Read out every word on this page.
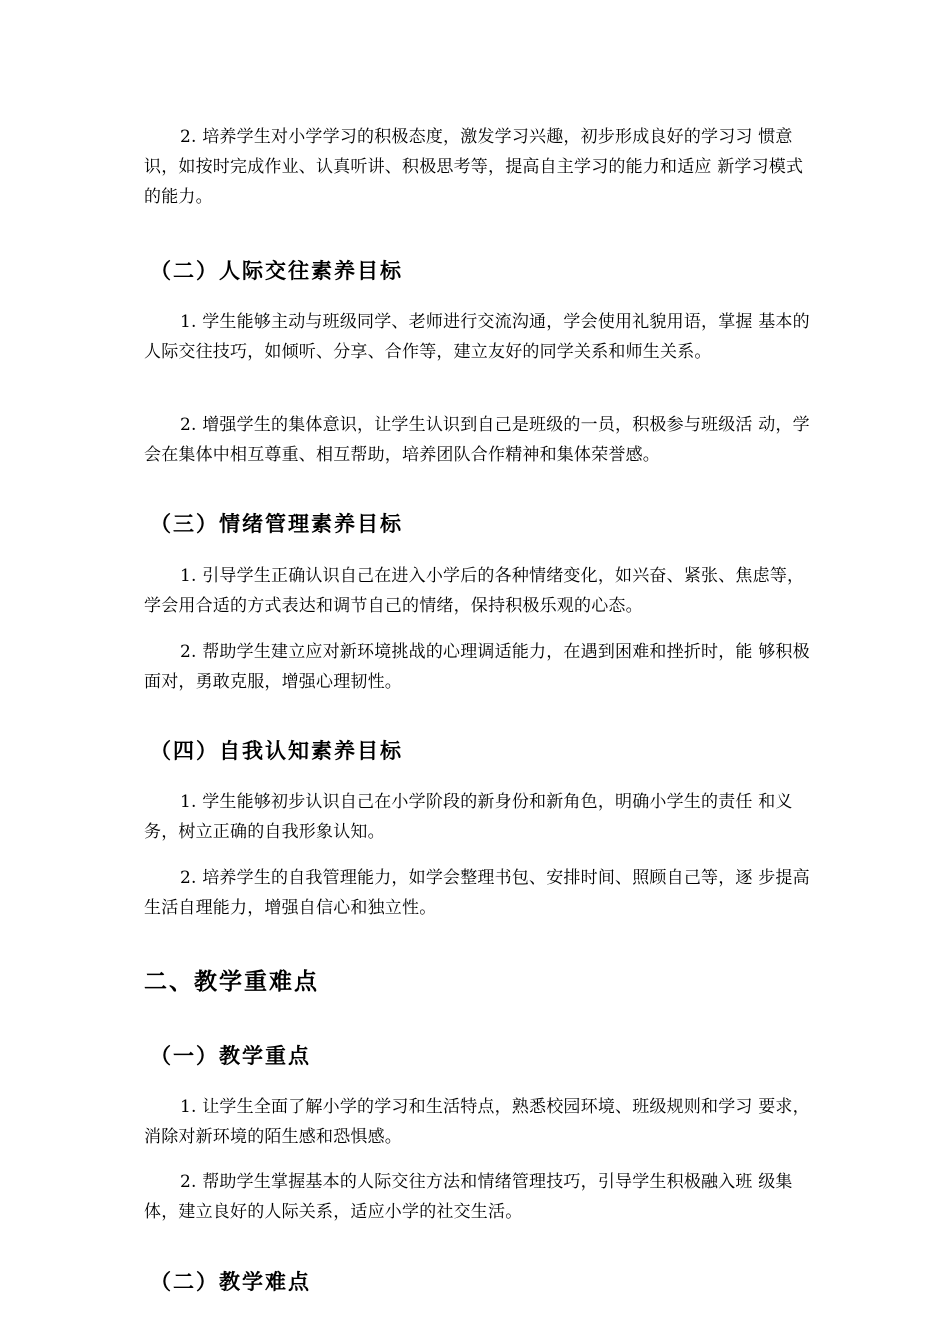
2. 培养学生对小学学习的积极态度，激发学习兴趣，初步形成良好的学习习 惯意识，如按时完成作业、认真听讲、积极思考等，提高自主学习的能力和适应 新学习模式的能力。

（二）人际交往素养目标

1. 学生能够主动与班级同学、老师进行交流沟通，学会使用礼貌用语，掌握 基本的人际交往技巧，如倾听、分享、合作等，建立友好的同学关系和师生关系。

2. 增强学生的集体意识，让学生认识到自己是班级的一员，积极参与班级活 动，学会在集体中相互尊重、相互帮助，培养团队合作精神和集体荣誉感。

（三）情绪管理素养目标

1. 引导学生正确认识自己在进入小学后的各种情绪变化，如兴奋、紧张、焦虑等，学会用合适的方式表达和调节自己的情绪，保持积极乐观的心态。

2. 帮助学生建立应对新环境挑战的心理调适能力，在遇到困难和挫折时，能 够积极面对，勇敢克服，增强心理韧性。

（四）自我认知素养目标

1. 学生能够初步认识自己在小学阶段的新身份和新角色，明确小学生的责任 和义务，树立正确的自我形象认知。

2. 培养学生的自我管理能力，如学会整理书包、安排时间、照顾自己等，逐 步提高生活自理能力，增强自信心和独立性。

二、教学重难点
（一）教学重点

1. 让学生全面了解小学的学习和生活特点，熟悉校园环境、班级规则和学习 要求，消除对新环境的陌生感和恐惧感。

2. 帮助学生掌握基本的人际交往方法和情绪管理技巧，引导学生积极融入班 级集体，建立良好的人际关系，适应小学的社交生活。

（二）教学难点
